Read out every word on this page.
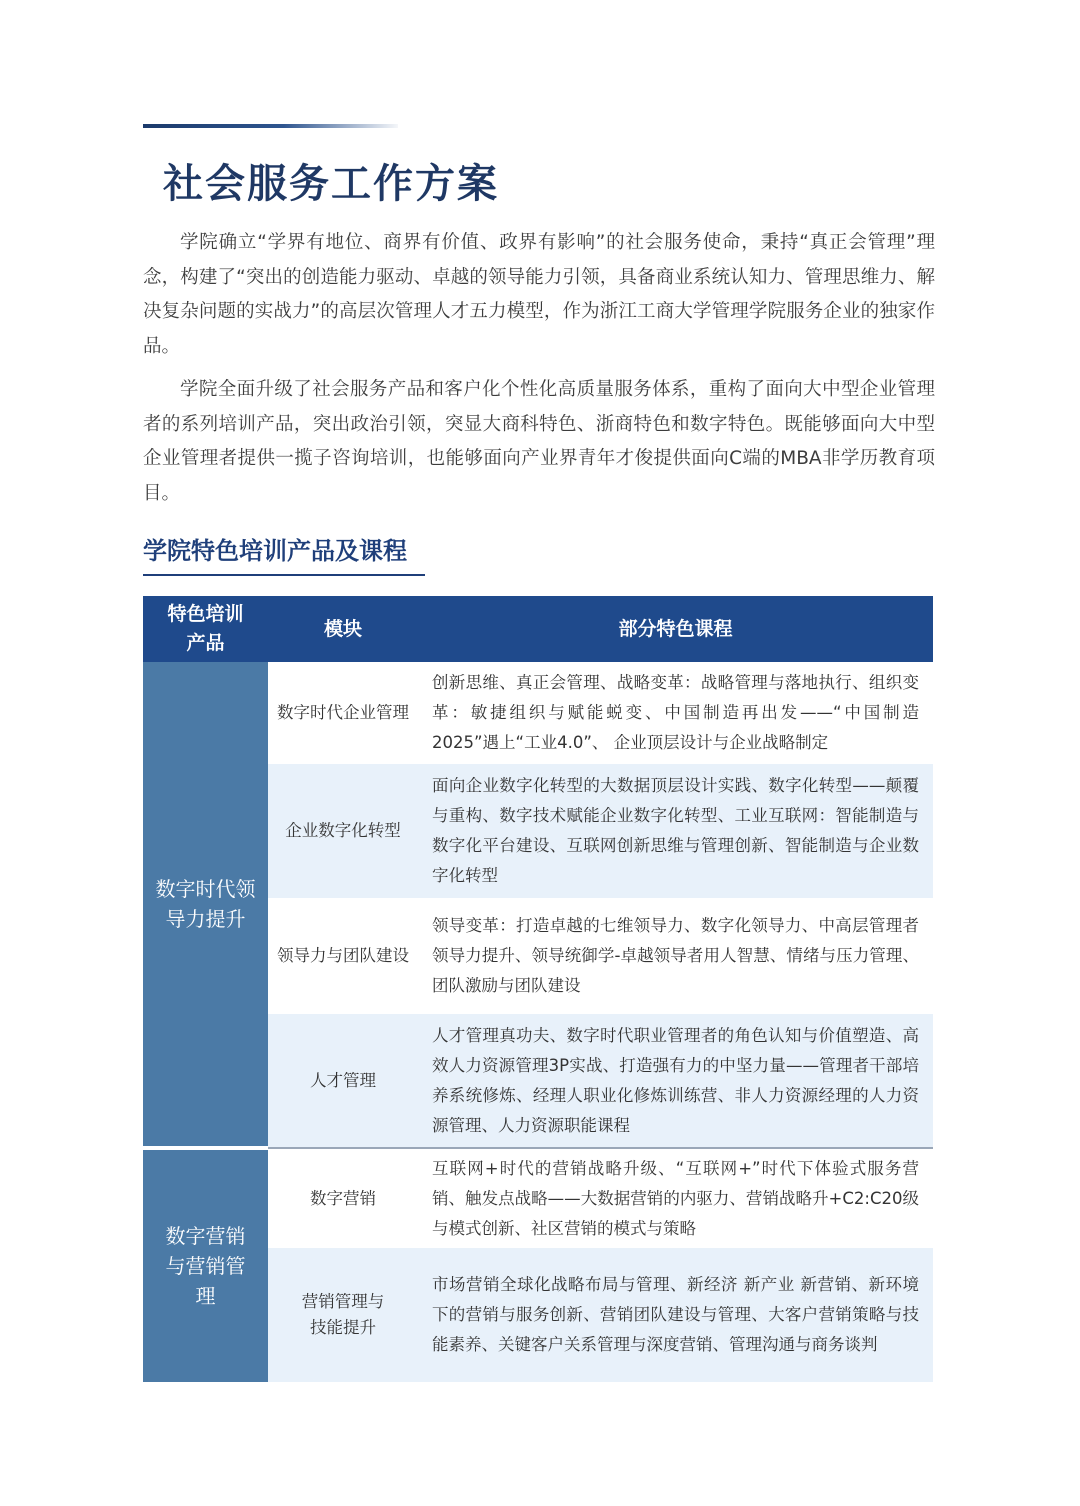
社会服务工作方案

学院确立“学界有地位、商界有价值、政界有影响”的社会服务使命，秉持“真正会管理”理念，构建了“突出的创造能力驱动、卓越的领导能力引领，具备商业系统认知力、管理思维力、解决复杂问题的实战力”的高层次管理人才五力模型，作为浙江工商大学管理学院服务企业的独家作品。

学院全面升级了社会服务产品和客户化个性化高质量服务体系，重构了面向大中型企业管理者的系列培训产品，突出政治引领，突显大商科特色、浙商特色和数字特色。既能够面向大中型企业管理者提供一揽子咨询培训，也能够面向产业界青年才俊提供面向C端的MBA非学历教育项目。

学院特色培训产品及课程
特色培训产品	模块	部分特色课程

数字时代领导力提升	数字时代企业管理	创新思维、真正会管理、战略变革：战略管理与落地执行、组织变革：敏捷组织与赋能蜕变、中国制造再出发——“中国制造2025”遇上“工业4.0”、 企业顶层设计与企业战略制定
	企业数字化转型	面向企业数字化转型的大数据顶层设计实践、数字化转型——颠覆与重构、数字技术赋能企业数字化转型、工业互联网：智能制造与数字化平台建设、互联网创新思维与管理创新、智能制造与企业数字化转型
	领导力与团队建设	领导变革：打造卓越的七维领导力、数字化领导力、中高层管理者领导力提升、领导统御学-卓越领导者用人智慧、情绪与压力管理、团队激励与团队建设
	人才管理	人才管理真功夫、数字时代职业管理者的角色认知与价值塑造、高效人力资源管理3P实战、打造强有力的中坚力量——管理者干部培养系统修炼、经理人职业化修炼训练营、非人力资源经理的人力资源管理、人力资源职能课程

数字营销与营销管理	数字营销	互联网+时代的营销战略升级、“互联网+”时代下体验式服务营销、触发点战略——大数据营销的内驱力、营销战略升+C2:C20级与模式创新、社区营销的模式与策略

	营销管理与技能提升	市场营销全球化战略布局与管理、新经济 新产业 新营销、新环境下的营销与服务创新、营销团队建设与管理、大客户营销策略与技能素养、关键客户关系管理与深度营销、管理沟通与商务谈判
